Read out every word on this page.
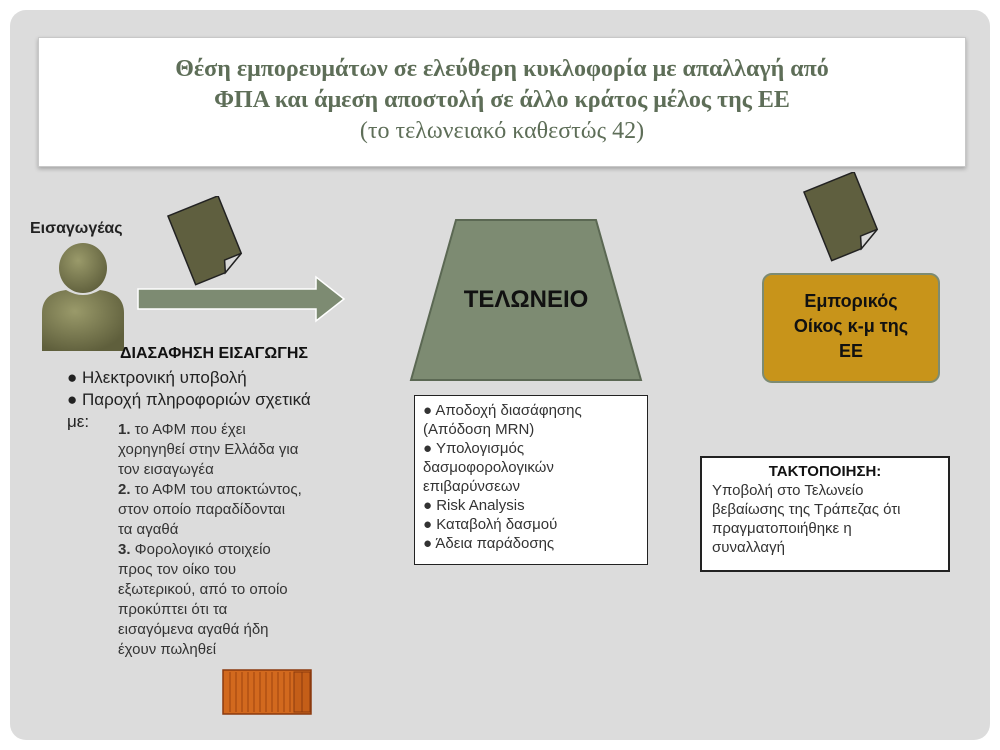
Θέση εμπορευμάτων σε ελεύθερη κυκλοφορία με απαλλαγή από
ΦΠΑ και άμεση αποστολή σε άλλο κράτος μέλος της ΕΕ
(το τελωνειακό καθεστώς 42)
Εισαγωγέας
ΤΕΛΩΝΕΙΟ
● Αποδοχή διασάφησης
(Απόδοση MRN)
● Υπολογισμός
δασμοφορολογικών
επιβαρύνσεων
● Risk Analysis
● Καταβολή δασμού
● Άδεια παράδοσης
Εμπορικός
Οίκος κ-μ της
ΕΕ
ΤΑΚΤΟΠΟΙΗΣΗ:
Υποβολή στο Τελωνείο
βεβαίωσης της Τράπεζας ότι
πραγματοποιήθηκε η
συναλλαγή
ΔΙΑΣΑΦΗΣΗ ΕΙΣΑΓΩΓΗΣ
● Ηλεκτρονική υποβολή
● Παροχή πληροφοριών σχετικά
με: 1. το ΑΦΜ που έχει
χορηγηθεί στην Ελλάδα για
τον εισαγωγέα
2. το ΑΦΜ του αποκτώντος,
στον οποίο παραδίδονται
τα αγαθά
3. Φορολογικό στοιχείο
προς τον οίκο του
εξωτερικού, από το οποίο
προκύπτει ότι τα
εισαγόμενα αγαθά ήδη
έχουν πωληθεί
